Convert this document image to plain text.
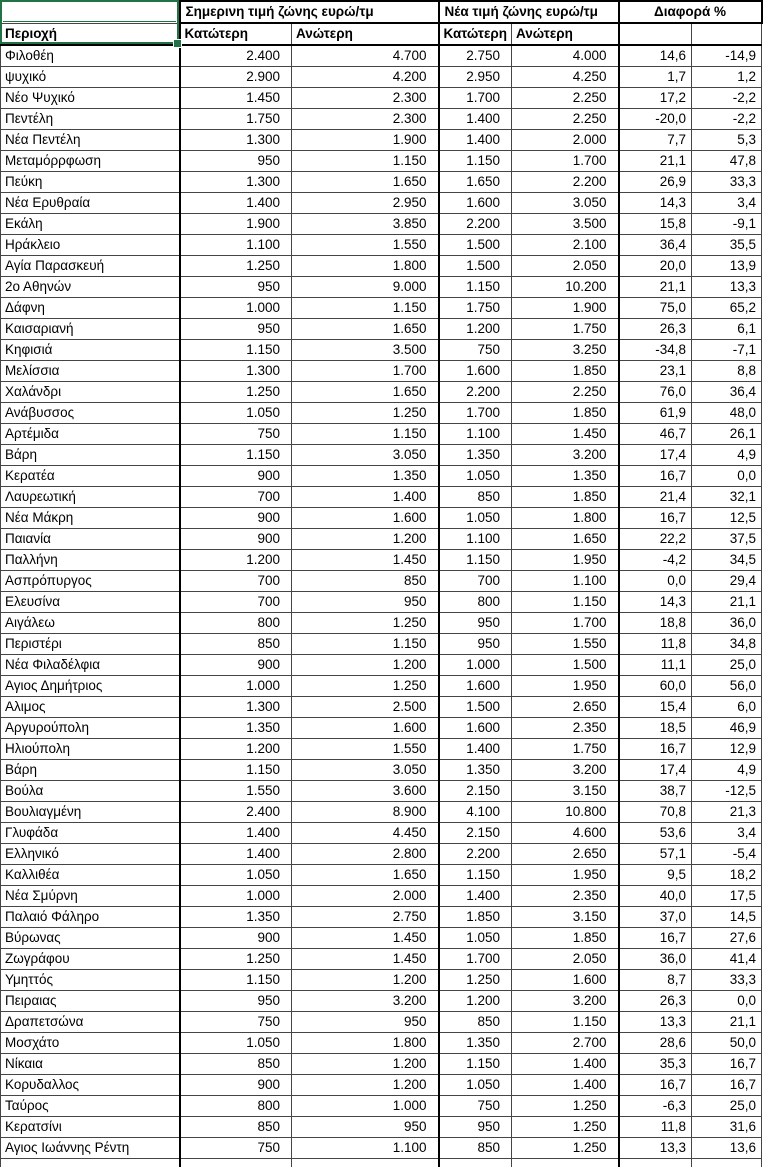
	Σημερινη τιμή ζώνης ευρώ/τμ		Νέα τιμή ζώνης ευρώ/τμ		Διαφορά %	
Περιοχή	Κατώτερη	Ανώτερη	Κατώτερη	Ανώτερη		
Φιλοθέη	2.400	4.700	2.750	4.000	14,6	-14,9
ψυχικό	2.900	4.200	2.950	4.250	1,7	1,2
Νέο Ψυχικό	1.450	2.300	1.700	2.250	17,2	-2,2
Πεντέλη	1.750	2.300	1.400	2.250	-20,0	-2,2
Νέα Πεντέλη	1.300	1.900	1.400	2.000	7,7	5,3
Μεταμόρρφωση	950	1.150	1.150	1.700	21,1	47,8
Πεύκη	1.300	1.650	1.650	2.200	26,9	33,3
Νέα Ερυθραία	1.400	2.950	1.600	3.050	14,3	3,4
Εκάλη	1.900	3.850	2.200	3.500	15,8	-9,1
Ηράκλειο	1.100	1.550	1.500	2.100	36,4	35,5
Αγία Παρασκευή	1.250	1.800	1.500	2.050	20,0	13,9
2ο Αθηνών	950	9.000	1.150	10.200	21,1	13,3
Δάφνη	1.000	1.150	1.750	1.900	75,0	65,2
Καισαριανή	950	1.650	1.200	1.750	26,3	6,1
Κηφισιά	1.150	3.500	750	3.250	-34,8	-7,1
Μελίσσια	1.300	1.700	1.600	1.850	23,1	8,8
Χαλάνδρι	1.250	1.650	2.200	2.250	76,0	36,4
Ανάβυσσος	1.050	1.250	1.700	1.850	61,9	48,0
Αρτέμιδα	750	1.150	1.100	1.450	46,7	26,1
Βάρη	1.150	3.050	1.350	3.200	17,4	4,9
Κερατέα	900	1.350	1.050	1.350	16,7	0,0
Λαυρεωτική	700	1.400	850	1.850	21,4	32,1
Νέα Μάκρη	900	1.600	1.050	1.800	16,7	12,5
Παιανία	900	1.200	1.100	1.650	22,2	37,5
Παλλήνη	1.200	1.450	1.150	1.950	-4,2	34,5
Ασπρόπυργος	700	850	700	1.100	0,0	29,4
Ελευσίνα	700	950	800	1.150	14,3	21,1
Αιγάλεω	800	1.250	950	1.700	18,8	36,0
Περιστέρι	850	1.150	950	1.550	11,8	34,8
Νέα Φιλαδέλφια	900	1.200	1.000	1.500	11,1	25,0
Αγιος Δημήτριος	1.000	1.250	1.600	1.950	60,0	56,0
Αλιμος	1.300	2.500	1.500	2.650	15,4	6,0
Αργυρούπολη	1.350	1.600	1.600	2.350	18,5	46,9
Ηλιούπολη	1.200	1.550	1.400	1.750	16,7	12,9
Βάρη	1.150	3.050	1.350	3.200	17,4	4,9
Βούλα	1.550	3.600	2.150	3.150	38,7	-12,5
Βουλιαγμένη	2.400	8.900	4.100	10.800	70,8	21,3
Γλυφάδα	1.400	4.450	2.150	4.600	53,6	3,4
Ελληνικό	1.400	2.800	2.200	2.650	57,1	-5,4
Καλλιθέα	1.050	1.650	1.150	1.950	9,5	18,2
Νέα Σμύρνη	1.000	2.000	1.400	2.350	40,0	17,5
Παλαιό Φάληρο	1.350	2.750	1.850	3.150	37,0	14,5
Βύρωνας	900	1.450	1.050	1.850	16,7	27,6
Ζωγράφου	1.250	1.450	1.700	2.050	36,0	41,4
Υμηττός	1.150	1.200	1.250	1.600	8,7	33,3
Πειραιας	950	3.200	1.200	3.200	26,3	0,0
Δραπετσώνα	750	950	850	1.150	13,3	21,1
Μοσχάτο	1.050	1.800	1.350	2.700	28,6	50,0
Νίκαια	850	1.200	1.150	1.400	35,3	16,7
Κορυδαλλος	900	1.200	1.050	1.400	16,7	16,7
Ταύρος	800	1.000	750	1.250	-6,3	25,0
Κερατσίνι	850	950	950	1.250	11,8	31,6
Αγιος Ιωάννης Ρέντη	750	1.100	850	1.250	13,3	13,6
